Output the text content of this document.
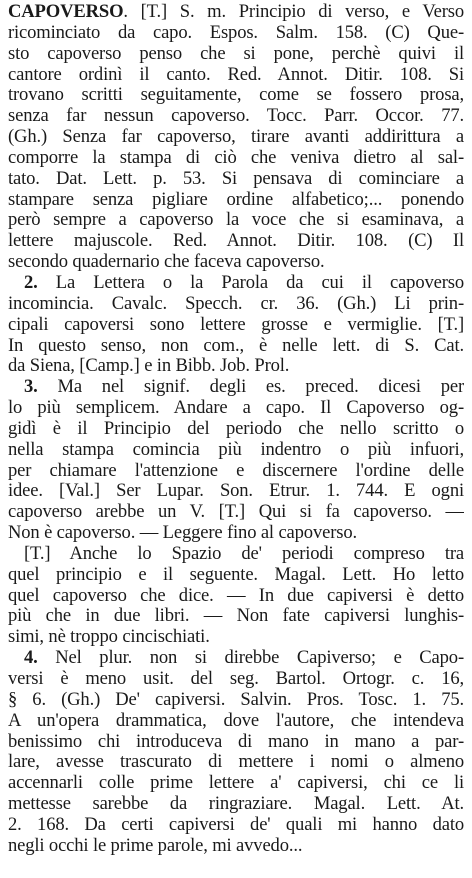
CAPOVERSO. [T.] S. m. Principio di verso, e Verso
ricominciato da capo. Espos. Salm. 158. (C) Que-
sto capoverso penso che si pone, perchè quivi il
cantore ordinì il canto. Red. Annot. Ditir. 108. Si
trovano scritti seguitamente, come se fossero prosa,
senza far nessun capoverso. Tocc. Parr. Occor. 77.
(Gh.) Senza far capoverso, tirare avanti addirittura a
comporre la stampa di ciò che veniva dietro al sal-
tato. Dat. Lett. p. 53. Si pensava di cominciare a
stampare senza pigliare ordine alfabetico;... ponendo
però sempre a capoverso la voce che si esaminava, a
lettere majuscole. Red. Annot. Ditir. 108. (C) Il
secondo quadernario che faceva capoverso.
2. La Lettera o la Parola da cui il capoverso
incomincia. Cavalc. Specch. cr. 36. (Gh.) Li prin-
cipali capoversi sono lettere grosse e vermiglie. [T.]
In questo senso, non com., è nelle lett. di S. Cat.
da Siena, [Camp.] e in Bibb. Job. Prol.
3. Ma nel signif. degli es. preced. dicesi per
lo più semplicem. Andare a capo. Il Capoverso og-
gidì è il Principio del periodo che nello scritto o
nella stampa comincia più indentro o più infuori,
per chiamare l'attenzione e discernere l'ordine delle
idee. [Val.] Ser Lupar. Son. Etrur. 1. 744. E ogni
capoverso arebbe un V. [T.] Qui si fa capoverso. —
Non è capoverso. — Leggere fino al capoverso.
[T.] Anche lo Spazio de' periodi compreso tra
quel principio e il seguente. Magal. Lett. Ho letto
quel capoverso che dice. — In due capiversi è detto
più che in due libri. — Non fate capiversi lunghis-
simi, nè troppo cincischiati.
4. Nel plur. non si direbbe Capiverso; e Capo-
versi è meno usit. del seg. Bartol. Ortogr. c. 16,
§ 6. (Gh.) De' capiversi. Salvin. Pros. Tosc. 1. 75.
A un'opera drammatica, dove l'autore, che intendeva
benissimo chi introduceva di mano in mano a par-
lare, avesse trascurato di mettere i nomi o almeno
accennarli colle prime lettere a' capiversi, chi ce li
mettesse sarebbe da ringraziare. Magal. Lett. At.
2. 168. Da certi capiversi de' quali mi hanno dato
negli occhi le prime parole, mi avvedo...
